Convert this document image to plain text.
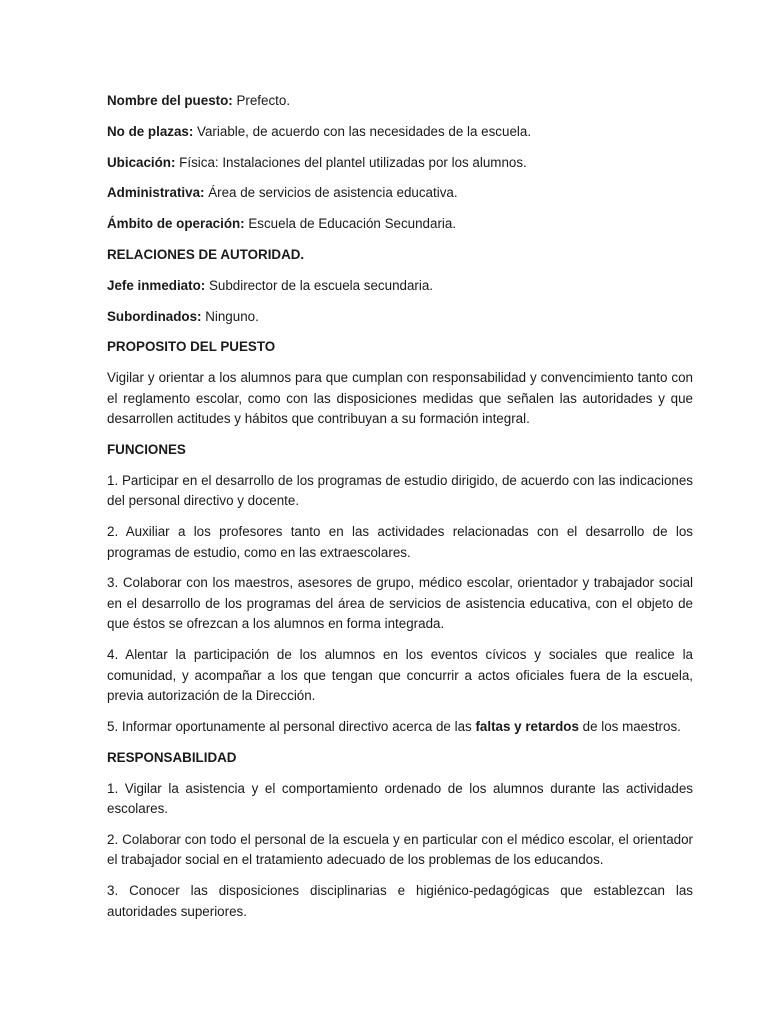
Nombre del puesto: Prefecto.

No de plazas: Variable, de acuerdo con las necesidades de la escuela.

Ubicación: Física: Instalaciones del plantel utilizadas por los alumnos.

Administrativa: Área de servicios de asistencia educativa.

Ámbito de operación: Escuela de Educación Secundaria.

RELACIONES DE AUTORIDAD.

Jefe inmediato: Subdirector de la escuela secundaria.

Subordinados: Ninguno.

PROPOSITO DEL PUESTO

Vigilar y orientar a los alumnos para que cumplan con responsabilidad y convencimiento tanto con el reglamento escolar, como con las disposiciones medidas que señalen las autoridades y que desarrollen actitudes y hábitos que contribuyan a su formación integral.

FUNCIONES

1. Participar en el desarrollo de los programas de estudio dirigido, de acuerdo con las indicaciones del personal directivo y docente.

2. Auxiliar a los profesores tanto en las actividades relacionadas con el desarrollo de los programas de estudio, como en las extraescolares.

3. Colaborar con los maestros, asesores de grupo, médico escolar, orientador y trabajador social en el desarrollo de los programas del área de servicios de asistencia educativa, con el objeto de que éstos se ofrezcan a los alumnos en forma integrada.

4. Alentar la participación de los alumnos en los eventos cívicos y sociales que realice la comunidad, y acompañar a los que tengan que concurrir a actos oficiales fuera de la escuela, previa autorización de la Dirección.

5. Informar oportunamente al personal directivo acerca de las faltas y retardos de los maestros.

RESPONSABILIDAD

1. Vigilar la asistencia y el comportamiento ordenado de los alumnos durante las actividades escolares.

2. Colaborar con todo el personal de la escuela y en particular con el médico escolar, el orientador el trabajador social en el tratamiento adecuado de los problemas de los educandos.

3. Conocer las disposiciones disciplinarias e higiénico-pedagógicas que establezcan las autoridades superiores.
